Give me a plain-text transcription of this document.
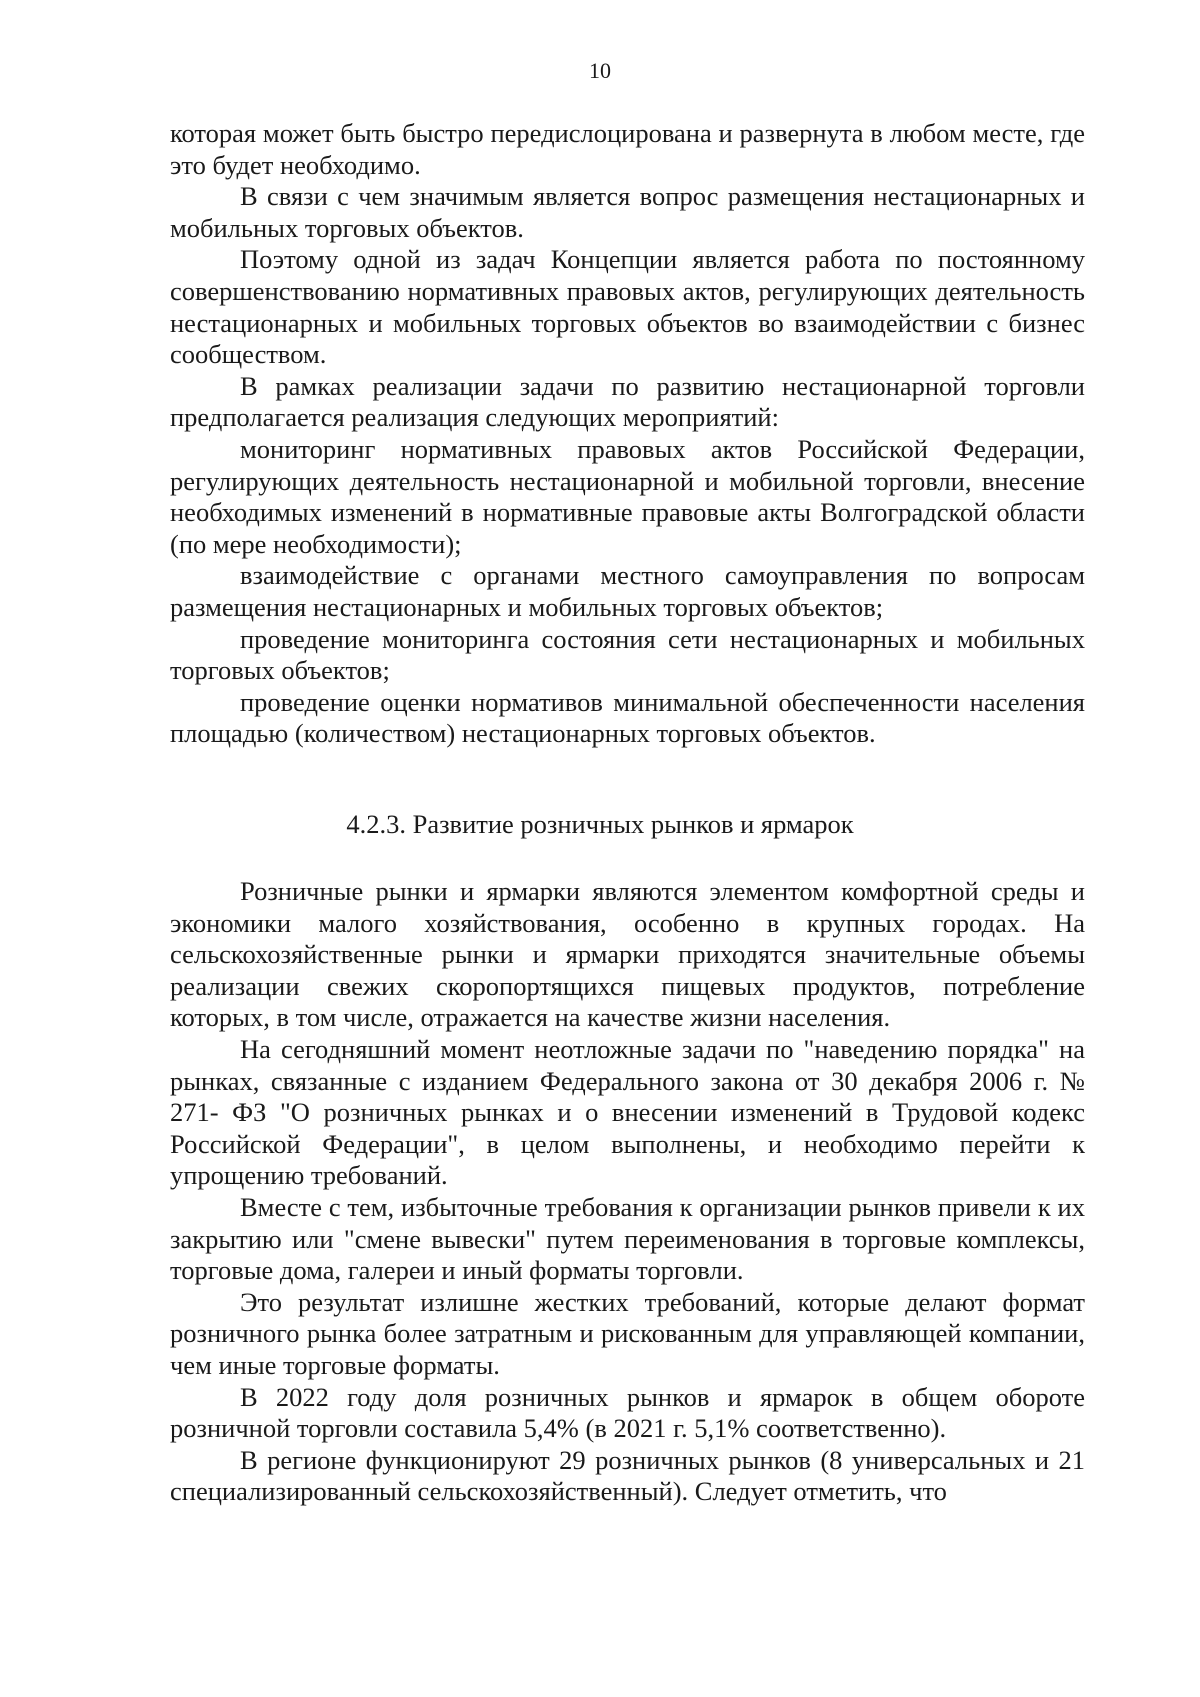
10

которая может быть быстро передислоцирована и развернута в любом месте, где это будет необходимо.

В связи с чем значимым является вопрос размещения нестационарных и мобильных торговых объектов.

Поэтому одной из задач Концепции является работа по постоянному совершенствованию нормативных правовых актов, регулирующих деятельность нестационарных и мобильных торговых объектов во взаимодействии с бизнес сообществом.

В рамках реализации задачи по развитию нестационарной торговли предполагается реализация следующих мероприятий:

мониторинг нормативных правовых актов Российской Федерации, регулирующих деятельность нестационарной и мобильной торговли, внесение необходимых изменений в нормативные правовые акты Волгоградской области (по мере необходимости);

взаимодействие с органами местного самоуправления по вопросам размещения нестационарных и мобильных торговых объектов;

проведение мониторинга состояния сети нестационарных и мобильных торговых объектов;

проведение оценки нормативов минимальной обеспеченности населения площадью (количеством) нестационарных торговых объектов.

4.2.3. Развитие розничных рынков и ярмарок

Розничные рынки и ярмарки являются элементом комфортной среды и экономики малого хозяйствования, особенно в крупных городах. На сельскохозяйственные рынки и ярмарки приходятся значительные объемы реализации свежих скоропортящихся пищевых продуктов, потребление которых, в том числе, отражается на качестве жизни населения.

На сегодняшний момент неотложные задачи по "наведению порядка" на рынках, связанные с изданием Федерального закона от 30 декабря 2006 г. № 271- ФЗ "О розничных рынках и о внесении изменений в Трудовой кодекс Российской Федерации", в целом выполнены, и необходимо перейти к упрощению требований.

Вместе с тем, избыточные требования к организации рынков привели к их закрытию или "смене вывески" путем переименования в торговые комплексы, торговые дома, галереи и иный форматы торговли.

Это результат излишне жестких требований, которые делают формат розничного рынка более затратным и рискованным для управляющей компании, чем иные торговые форматы.

В 2022 году доля розничных рынков и ярмарок в общем обороте розничной торговли составила 5,4% (в 2021 г. 5,1% соответственно).

В регионе функционируют 29 розничных рынков (8 универсальных и 21 специализированный сельскохозяйственный). Следует отметить, что
